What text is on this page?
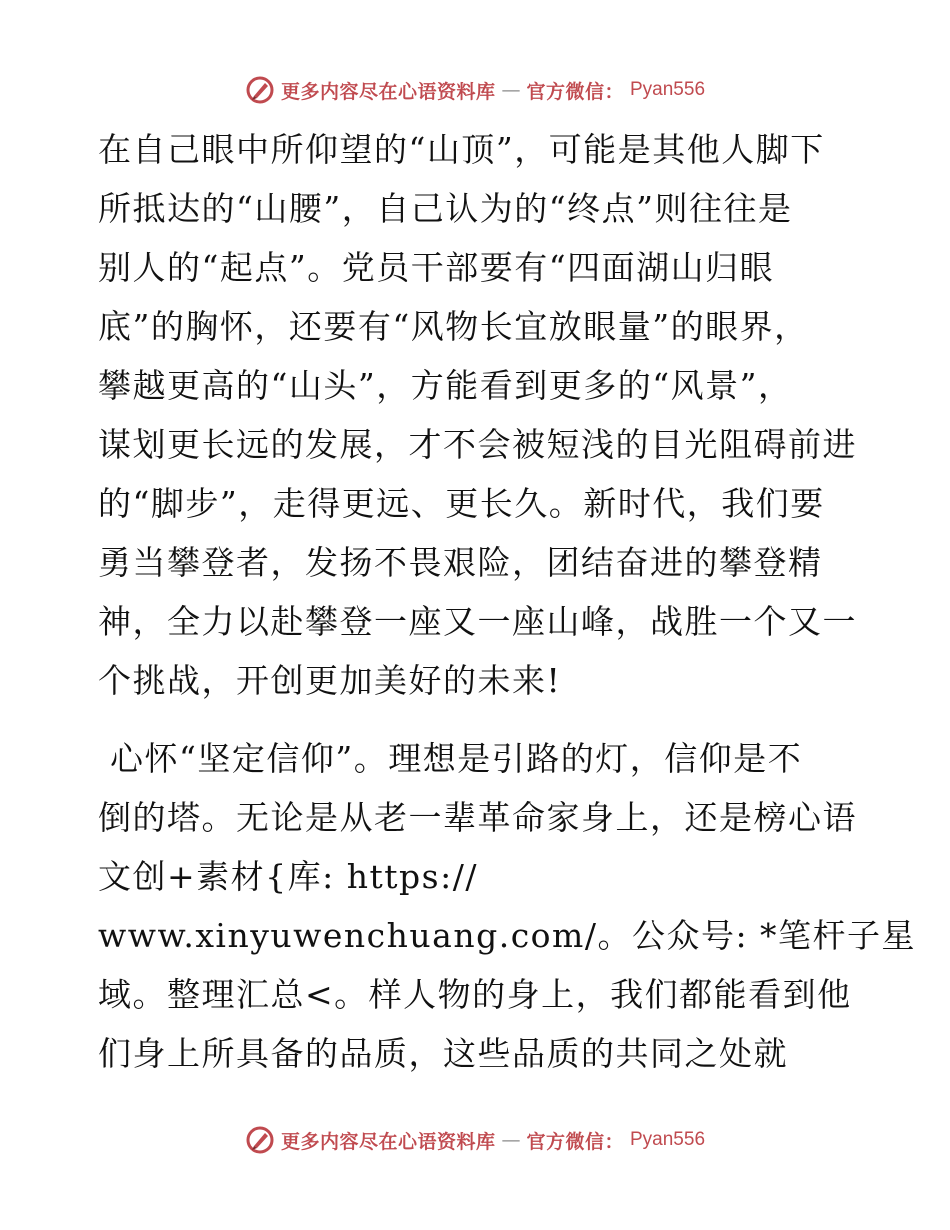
更多内容尽在心语资料库 — 官方微信： Pyan556
在自己眼中所仰望的“山顶”，可能是其他人脚下
所抵达的“山腰”，自己认为的“终点”则往往是
别人的“起点”。党员干部要有“四面湖山归眼
底”的胸怀，还要有“风物长宜放眼量”的眼界，
攀越更高的“山头”，方能看到更多的“风景”，
谋划更长远的发展，才不会被短浅的目光阻碍前进
的“脚步”，走得更远、更长久。新时代，我们要
勇当攀登者，发扬不畏艰险，团结奋进的攀登精
神，全力以赴攀登一座又一座山峰，战胜一个又一
个挑战，开创更加美好的未来!
心怀“坚定信仰”。理想是引路的灯，信仰是不
倒的塔。无论是从老一辈革命家身上，还是榜心语
文创+素材{库: https://
www.xinyuwenchuang.com/。公众号: *笔杆子星
域。整理汇总<。样人物的身上，我们都能看到他
们身上所具备的品质，这些品质的共同之处就
更多内容尽在心语资料库 — 官方微信： Pyan556
